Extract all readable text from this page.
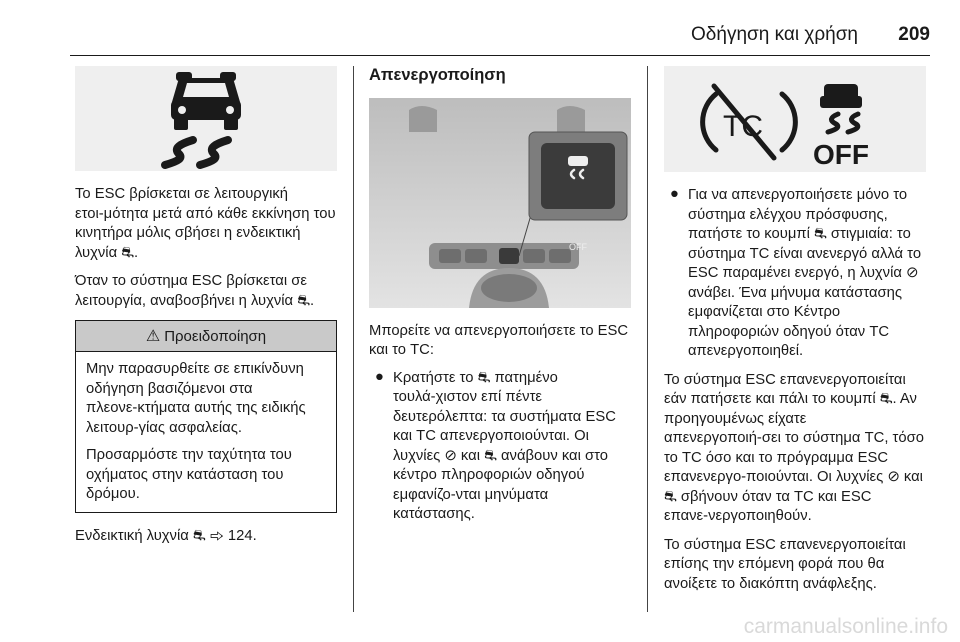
Οδήγηση και χρήση 209

Το ESC βρίσκεται σε λειτουργική ετοι‑μότητα μετά από κάθε εκκίνηση του κινητήρα μόλις σβήσει η ενδεικτική λυχνία ⛐.

Όταν το σύστημα ESC βρίσκεται σε λειτουργία, αναβοσβήνει η λυχνία ⛐.

⚠ Προειδοποίηση

Μην παρασυρθείτε σε επικίνδυνη οδήγηση βασιζόμενοι στα πλεονε‑κτήματα αυτής της ειδικής λειτουρ‑γίας ασφαλείας.

Προσαρμόστε την ταχύτητα του οχήματος στην κατάσταση του δρόμου.

Ενδεικτική λυχνία ⛐ ⇨ 124.

Απενεργοποίηση

OFF

Μπορείτε να απενεργοποιήσετε το ESC και το TC:

● Κρατήστε το ⛐ πατημένο τουλά‑χιστον επί πέντε δευτερόλεπτα: τα συστήματα ESC και TC απενεργοποιούνται. Οι λυχνίες ⊘ και ⛐ ανάβουν και στο κέντρο πληροφοριών οδηγού εμφανίζο‑νται μηνύματα κατάστασης.

TC
OFF
● Για να απενεργοποιήσετε μόνο το σύστημα ελέγχου πρόσφυσης, πατήστε το κουμπί ⛐ στιγμιαία: το σύστημα TC είναι ανενεργό αλλά το ESC παραμένει ενεργό, η λυχνία ⊘ ανάβει. Ένα μήνυμα κατάστασης εμφανίζεται στο Κέντρο πληροφοριών οδηγού όταν TC απενεργοποιηθεί.

Το σύστημα ESC επανενεργοποιείται εάν πατήσετε και πάλι το κουμπί ⛐. Αν προηγουμένως είχατε απενεργοποιή‑σει το σύστημα TC, τόσο το TC όσο και το πρόγραμμα ESC επανενεργο‑ποιούνται. Οι λυχνίες ⊘ και ⛐ σβήνουν όταν τα TC και ESC επανε‑νεργοποιηθούν.

Το σύστημα ESC επανενεργοποιείται επίσης την επόμενη φορά που θα ανοίξετε το διακόπτη ανάφλεξης.

carmanualsonline.info
